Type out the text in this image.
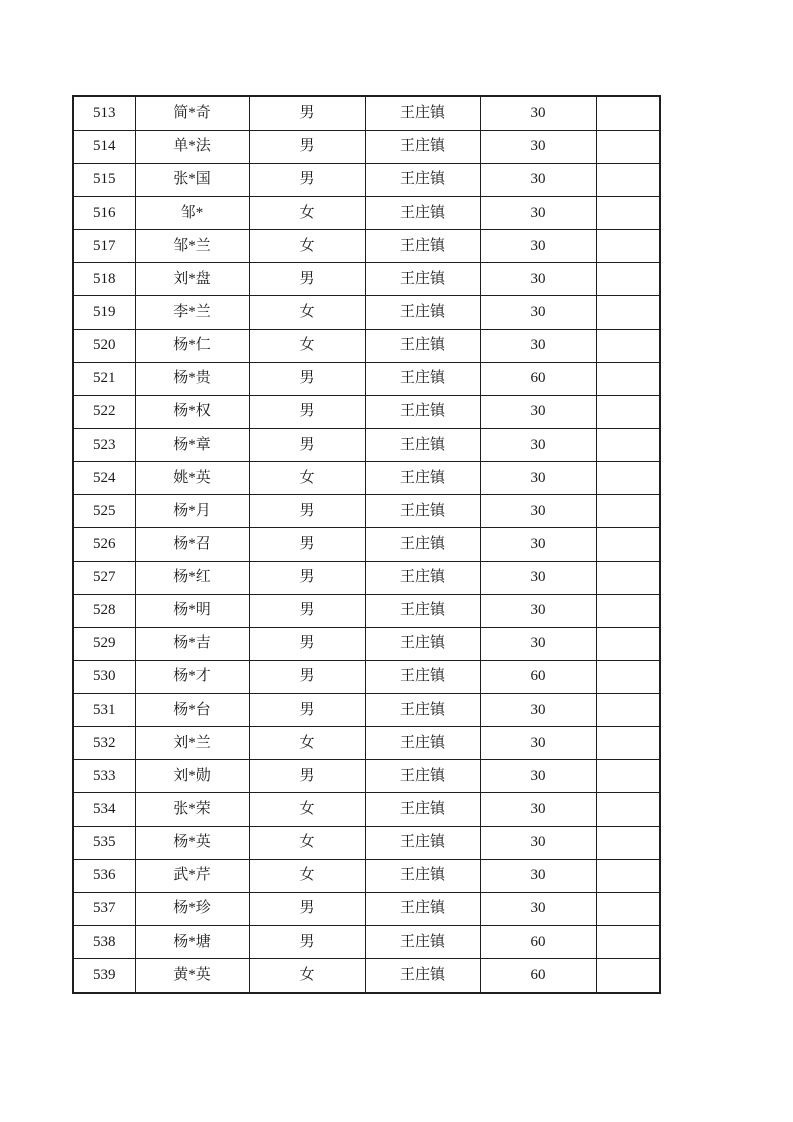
513	简*奇	男	王庄镇	30	
514	单*法	男	王庄镇	30	
515	张*国	男	王庄镇	30	
516	邹*	女	王庄镇	30	
517	邹*兰	女	王庄镇	30	
518	刘*盘	男	王庄镇	30	
519	李*兰	女	王庄镇	30	
520	杨*仁	女	王庄镇	30	
521	杨*贵	男	王庄镇	60	
522	杨*权	男	王庄镇	30	
523	杨*章	男	王庄镇	30	
524	姚*英	女	王庄镇	30	
525	杨*月	男	王庄镇	30	
526	杨*召	男	王庄镇	30	
527	杨*红	男	王庄镇	30	
528	杨*明	男	王庄镇	30	
529	杨*吉	男	王庄镇	30	
530	杨*才	男	王庄镇	60	
531	杨*台	男	王庄镇	30	
532	刘*兰	女	王庄镇	30	
533	刘*勋	男	王庄镇	30	
534	张*荣	女	王庄镇	30	
535	杨*英	女	王庄镇	30	
536	武*芹	女	王庄镇	30	
537	杨*珍	男	王庄镇	30	
538	杨*塘	男	王庄镇	60	
539	黄*英	女	王庄镇	60	
